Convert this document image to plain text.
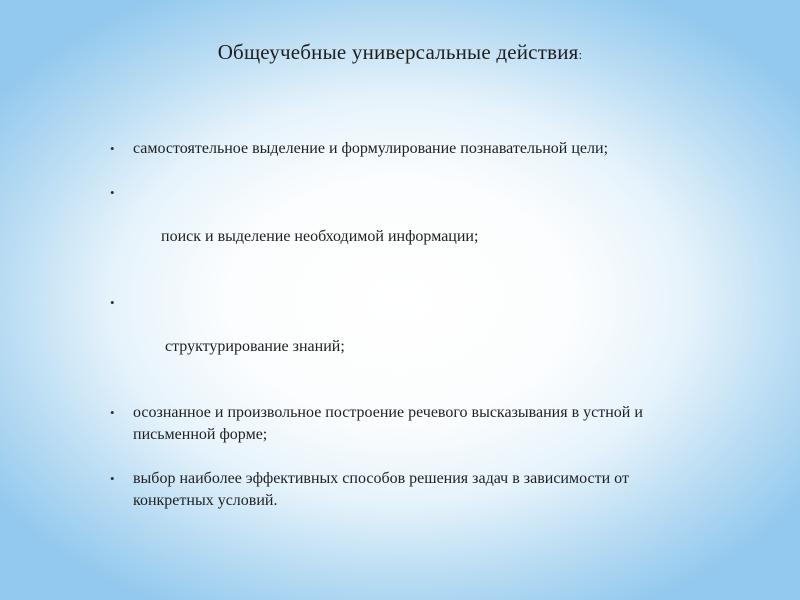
Общеучебные универсальные действия:
• самостоятельное выделение и формулирование познавательной цели;

•

поиск и выделение необходимой информации;

•

структурирование знаний;

• осознанное и произвольное построение речевого высказывания в устной и письменной форме;
• выбор наиболее эффективных способов решения задач в зависимости от конкретных условий.
